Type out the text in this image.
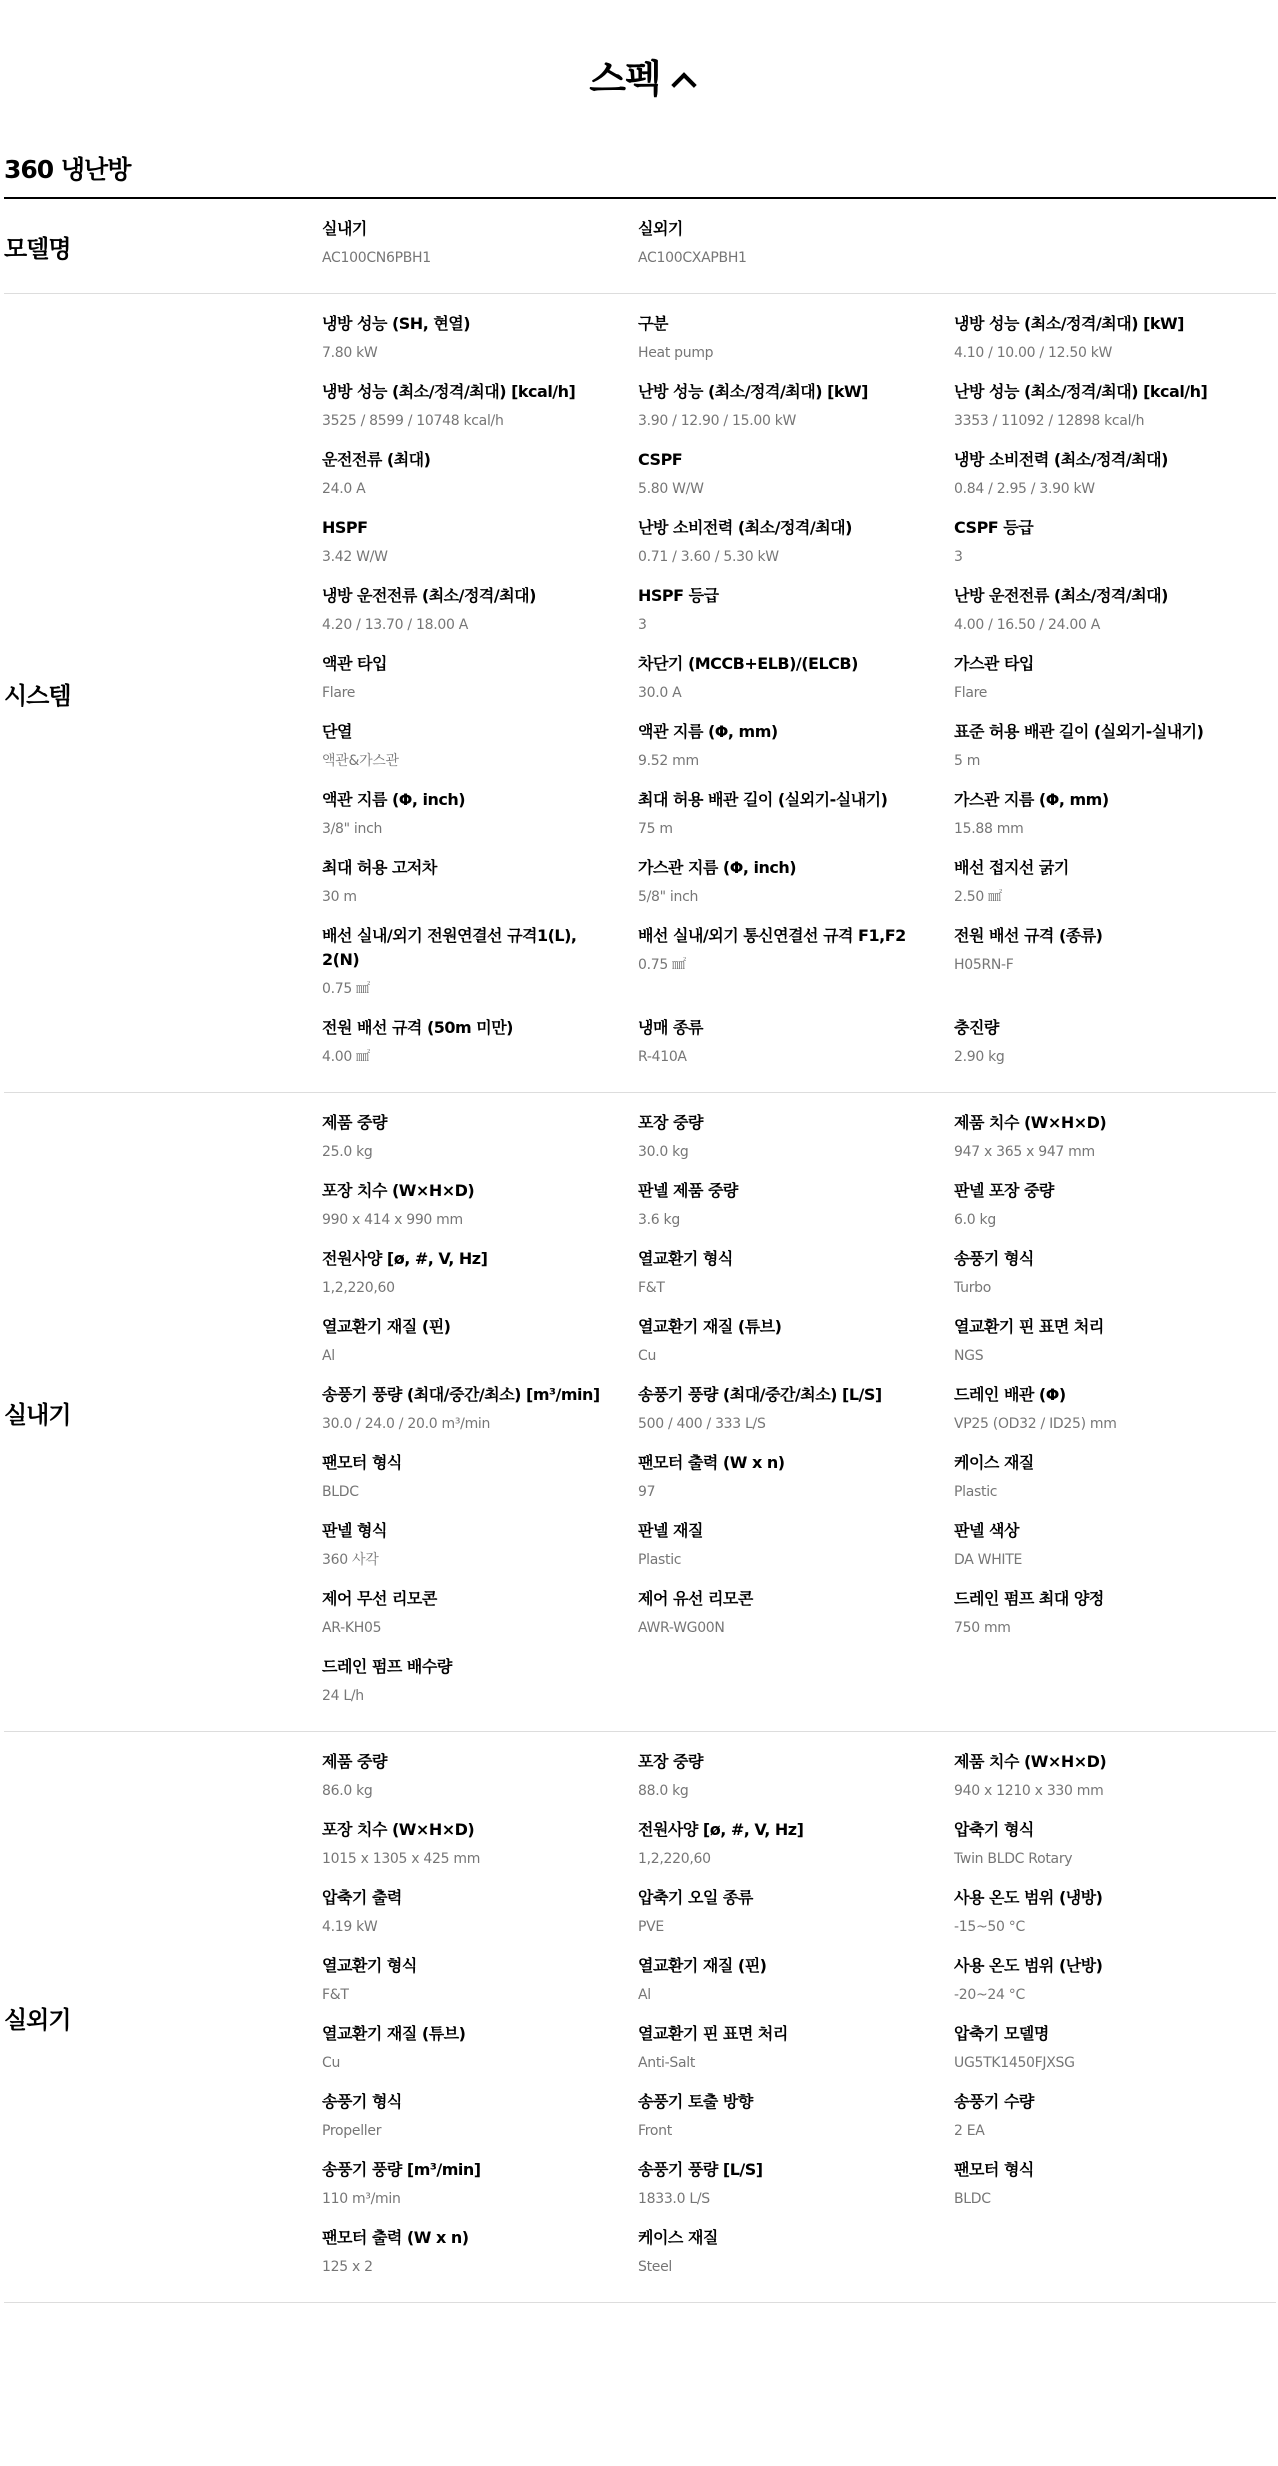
스펙
360 냉난방
모델명
실내기
AC100CN6PBH1
실외기
AC100CXAPBH1
시스템
냉방 성능 (SH, 현열)
7.80 kW
구분
Heat pump
냉방 성능 (최소/정격/최대) [kW]
4.10 / 10.00 / 12.50 kW
냉방 성능 (최소/정격/최대) [kcal/h]
3525 / 8599 / 10748 kcal/h
난방 성능 (최소/정격/최대) [kW]
3.90 / 12.90 / 15.00 kW
난방 성능 (최소/정격/최대) [kcal/h]
3353 / 11092 / 12898 kcal/h
운전전류 (최대)
24.0 A
CSPF
5.80 W/W
냉방 소비전력 (최소/정격/최대)
0.84 / 2.95 / 3.90 kW
HSPF
3.42 W/W
난방 소비전력 (최소/정격/최대)
0.71 / 3.60 / 5.30 kW
CSPF 등급
3
냉방 운전전류 (최소/정격/최대)
4.20 / 13.70 / 18.00 A
HSPF 등급
3
난방 운전전류 (최소/정격/최대)
4.00 / 16.50 / 24.00 A
액관 타입
Flare
차단기 (MCCB+ELB)/(ELCB)
30.0 A
가스관 타입
Flare
단열
액관&가스관
액관 지름 (Φ, mm)
9.52 mm
표준 허용 배관 길이 (실외기-실내기)
5 m
액관 지름 (Φ, inch)
3/8" inch
최대 허용 배관 길이 (실외기-실내기)
75 m
가스관 지름 (Φ, mm)
15.88 mm
최대 허용 고저차
30 m
가스관 지름 (Φ, inch)
5/8" inch
배선 접지선 굵기
2.50 ㎟
배선 실내/외기 전원연결선 규격1(L), 2(N)
0.75 ㎟
배선 실내/외기 통신연결선 규격 F1,F2
0.75 ㎟
전원 배선 규격 (종류)
H05RN-F
전원 배선 규격 (50m 미만)
4.00 ㎟
냉매 종류
R-410A
충진량
2.90 kg
실내기
제품 중량
25.0 kg
포장 중량
30.0 kg
제품 치수 (W×H×D)
947 x 365 x 947 mm
포장 치수 (W×H×D)
990 x 414 x 990 mm
판넬 제품 중량
3.6 kg
판넬 포장 중량
6.0 kg
전원사양 [ø, #, V, Hz]
1,2,220,60
열교환기 형식
F&T
송풍기 형식
Turbo
열교환기 재질 (핀)
Al
열교환기 재질 (튜브)
Cu
열교환기 핀 표면 처리
NGS
송풍기 풍량 (최대/중간/최소) [m³/min]
30.0 / 24.0 / 20.0 m³/min
송풍기 풍량 (최대/중간/최소) [L/S]
500 / 400 / 333 L/S
드레인 배관 (Φ)
VP25 (OD32 / ID25) mm
팬모터 형식
BLDC
팬모터 출력 (W x n)
97
케이스 재질
Plastic
판넬 형식
360 사각
판넬 재질
Plastic
판넬 색상
DA WHITE
제어 무선 리모콘
AR-KH05
제어 유선 리모콘
AWR-WG00N
드레인 펌프 최대 양정
750 mm
드레인 펌프 배수량
24 L/h
실외기
제품 중량
86.0 kg
포장 중량
88.0 kg
제품 치수 (W×H×D)
940 x 1210 x 330 mm
포장 치수 (W×H×D)
1015 x 1305 x 425 mm
전원사양 [ø, #, V, Hz]
1,2,220,60
압축기 형식
Twin BLDC Rotary
압축기 출력
4.19 kW
압축기 오일 종류
PVE
사용 온도 범위 (냉방)
-15~50 °C
열교환기 형식
F&T
열교환기 재질 (핀)
Al
사용 온도 범위 (난방)
-20~24 °C
열교환기 재질 (튜브)
Cu
열교환기 핀 표면 처리
Anti-Salt
압축기 모델명
UG5TK1450FJXSG
송풍기 형식
Propeller
송풍기 토출 방향
Front
송풍기 수량
2 EA
송풍기 풍량 [m³/min]
110 m³/min
송풍기 풍량 [L/S]
1833.0 L/S
팬모터 형식
BLDC
팬모터 출력 (W x n)
125 x 2
케이스 재질
Steel
